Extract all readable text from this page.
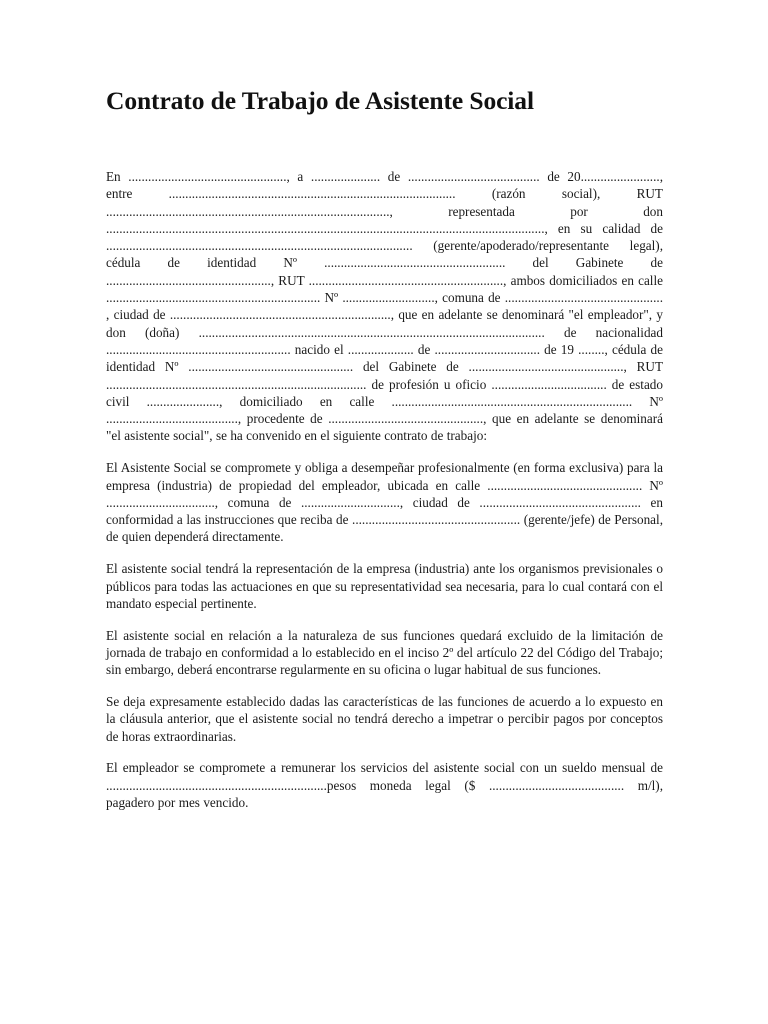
Contrato de Trabajo de Asistente Social

En ................................................, a ..................... de ........................................ de 20........................, entre ....................................................................................... (razón social), RUT ......................................................................................, representada por don ....................................................................................................................................., en su calidad de ............................................................................................. (gerente/apoderado/representante legal), cédula de identidad Nº ....................................................... del Gabinete de .................................................., RUT ..........................................................., ambos domiciliados en calle ................................................................. Nº ............................, comuna de ................................................ , ciudad de ..................................................................., que en adelante se denominará "el empleador", y don (doña) ......................................................................................................... de nacionalidad ........................................................ nacido el .................... de ................................ de 19 ........, cédula de identidad Nº .................................................. del Gabinete de ..............................................., RUT ............................................................................... de profesión u oficio ................................... de estado civil ......................, domiciliado en calle ......................................................................... Nº ........................................, procedente de ..............................................., que en adelante se denominará "el asistente social", se ha convenido en el siguiente contrato de trabajo:

El Asistente Social se compromete y obliga a desempeñar profesionalmente (en forma exclusiva) para la empresa (industria) de propiedad del empleador, ubicada en calle ............................................... Nº ................................., comuna de .............................., ciudad de ................................................. en conformidad a las instrucciones que reciba de ................................................... (gerente/jefe) de Personal, de quien dependerá directamente.

El asistente social tendrá la representación de la empresa (industria) ante los organismos previsionales o públicos para todas las actuaciones en que su representatividad sea necesaria, para lo cual contará con el mandato especial pertinente.

El asistente social en relación a la naturaleza de sus funciones quedará excluido de la limitación de jornada de trabajo en conformidad a lo establecido en el inciso 2º del artículo 22 del Código del Trabajo; sin embargo, deberá encontrarse regularmente en su oficina o lugar habitual de sus funciones.

Se deja expresamente establecido dadas las características de las funciones de acuerdo a lo expuesto en la cláusula anterior, que el asistente social no tendrá derecho a impetrar o percibir pagos por conceptos de horas extraordinarias.

El empleador se compromete a remunerar los servicios del asistente social con un sueldo mensual de ...................................................................pesos moneda legal ($ ......................................... m/l), pagadero por mes vencido.
